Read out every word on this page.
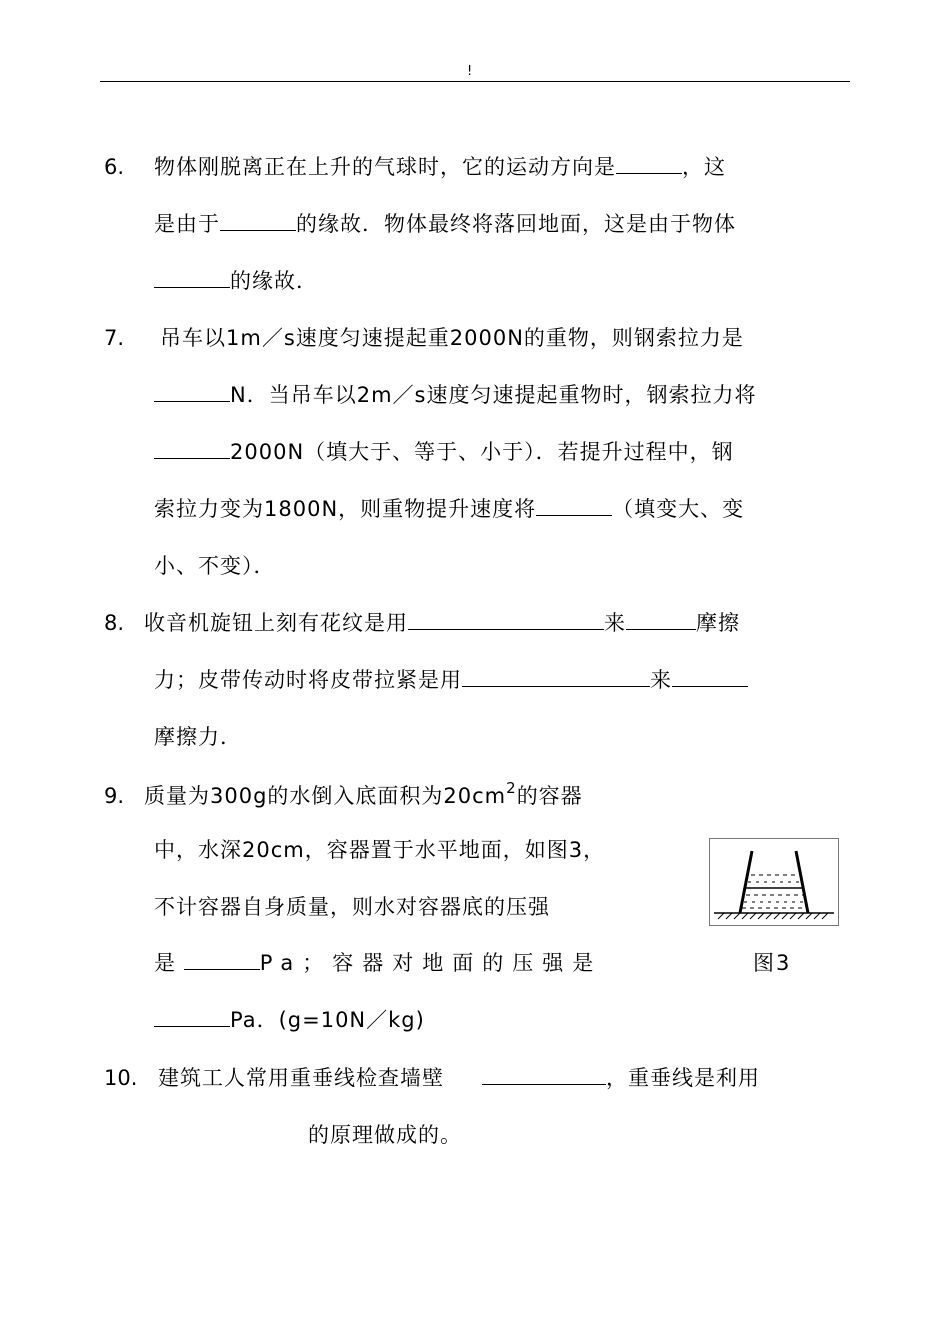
!
6. 物体刚脱离正在上升的气球时，它的运动方向是	，这
是由于	的缘故．物体最终将落回地面，这是由于物体
的缘故．
7. 吊车以1m／s速度匀速提起重2000N的重物，则钢索拉力是
N．当吊车以2m／s速度匀速提起重物时，钢索拉力将
2000N（填大于、等于、小于）．若提升过程中，钢
索拉力变为1800N，则重物提升速度将	（填变大、变
小、不变）．
8. 收音机旋钮上刻有花纹是用	来	摩擦
力；皮带传动时将皮带拉紧是用	来
摩擦力．
9. 质量为300g的水倒入底面积为$20cm^2$的容器
中，水深20cm，容器置于水平地面，如图3，
不计容器自身质量，则水对容器底的压强
是	Pa；容器对地面的压强是
Pa．(g=10N／kg)
图3
10. 建筑工人常用重垂线检查墙壁	，重垂线是利用
的原理做成的。
